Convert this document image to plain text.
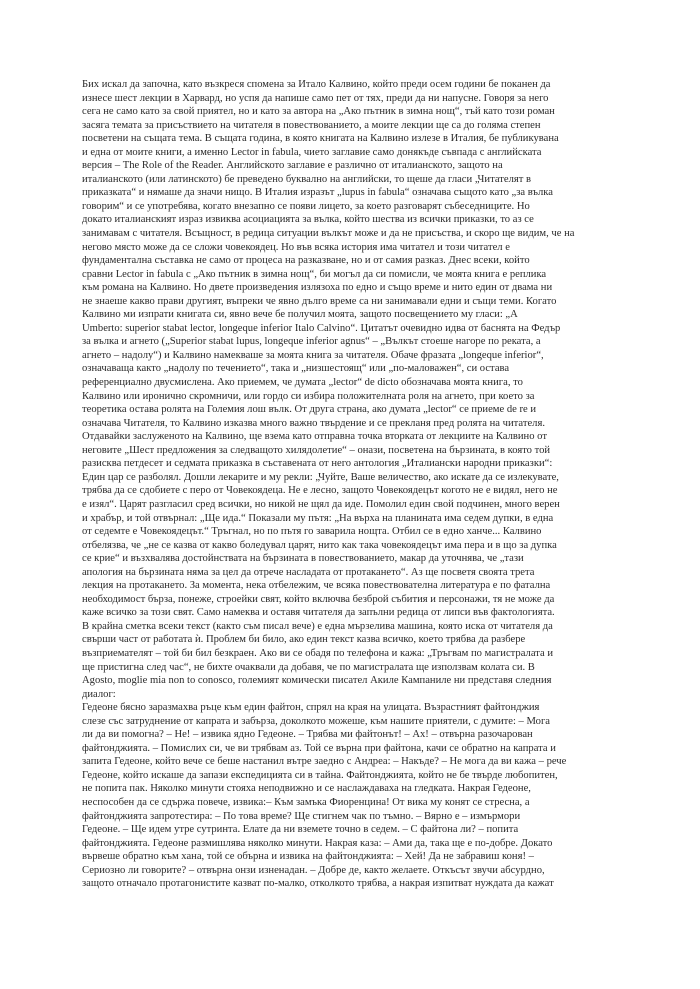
Бих искал да започна, като възкреся спомена за Итало Калвино, който преди осем години бе поканен да
изнесе шест лекции в Харвард, но успя да напише само пет от тях, преди да ни напусне. Говоря за него
сега не само като за свой приятел, но и като за автора на „Ако пътник в зимна нощ“, тъй като този роман
засяга темата за присъствието на читателя в повествованието, а моите лекции ще са до голяма степен
посветени на същата тема. В същата година, в която книгата на Калвино излезе в Италия, бе публикувана
и една от моите книги, а именно Lector in fabula, чието заглавие само донякъде съвпада с английската
версия – The Role of the Reader. Английското заглавие е различно от италианското, защото на
италианското (или латинското) бе преведено буквално на английски, то щеше да гласи „Читателят в
приказката“ и нямаше да значи нищо. В Италия изразът „lupus in fabula“ означава същото като „за вълка
говорим“ и се употребява, когато внезапно се появи лицето, за което разговарят събеседниците. Но
докато италианският израз извиква асоциацията за вълка, който шества из всички приказки, то аз се
занимавам с читателя. Всъщност, в редица ситуации вълкът може и да не присъства, и скоро ще видим, че на
негово място може да се сложи човекоядец. Но във всяка история има читател и този читател е
фундаментална съставка не само от процеса на разказване, но и от самия разказ. Днес всеки, който
сравни Lector in fabula с „Ако пътник в зимна нощ“, би могъл да си помисли, че моята книга е реплика
към романа на Калвино. Но двете произведения излязоха по едно и също време и нито един от двама ни
не знаеше какво прави другият, въпреки че явно дълго време са ни занимавали едни и същи теми. Когато
Калвино ми изпрати книгата си, явно вече бе получил моята, защото посвещението му гласи: „A
Umberto: superior stabat lector, longeque inferior Italo Calvino“. Цитатът очевидно идва от баснята на Федър
за вълка и агнето („Superior stabat lupus, longeque inferior agnus“ – „Вълкът стоеше нагоре по реката, а
агнето – надолу“) и Калвино намекваше за моята книга за читателя. Обаче фразата „longeque inferior“,
означаваща както „надолу по течението“, така и „низшестоящ“ или „по-маловажен“, си остава
референциално двусмислена. Ако приемем, че думата „lector“ de dicto обозначава моята книга, то
Калвино или иронично скромничи, или гордо си избира положителната роля на агнето, при което за
теоретика остава ролята на Големия лош вълк. От друга страна, ако думата „lector“ се приеме de re и
означава Читателя, то Калвино изказва много важно твърдение и се прекланя пред ролята на читателя.
Отдавайки заслуженото на Калвино, ще взема като отправна точка вторката от лекциите на Калвино от
неговите „Шест предложения за следващото хилядолетие“ – онази, посветена на бързината, в която той
разисква петдесет и седмата приказка в съставената от него антология „Италиански народни приказки“:
Един цар се разболял. Дошли лекарите и му рекли: „Чуйте, Ваше величество, ако искате да се излекувате,
трябва да се сдобиете с перо от Човекоядеца. Не е лесно, защото Човекоядецът когото не е видял, него не
е изял“. Царят разгласил сред всички, но никой не щял да иде. Помолил един свой подчинен, много верен
и храбър, и той отвърнал: „Ще ида.“ Показали му пътя: „На върха на планината има седем дупки, в една
от седемте е Човекоядецът.“ Тръгнал, но по пътя го заварила нощта. Отбил се в едно ханче... Калвино
отбелязва, че „не се казва от какво боледувал царят, нито как така човекоядецът има пера и в що за дупка
се крие“ и възхвалява достойнствата на бързината в повествованието, макар да уточнява, че „тази
апология на бързината няма за цел да отрече насладата от протакането“. Аз ще посветя своята трета
лекция на протакането. За момента, нека отбележим, че всяка повествователна литература е по фатална
необходимост бърза, понеже, строейки свят, който включва безброй събития и персонажи, тя не може да
каже всичко за този свят. Само намеква и оставя читателя да запълни редица от липси във фактологията.
В крайна сметка всеки текст (както съм писал вече) е една мързелива машина, която иска от читателя да
свърши част от работата ѝ. Проблем би било, ако един текст казва всичко, което трябва да разбере
възприемателят – той би бил безкраен. Ако ви се обадя по телефона и кажа: „Тръгвам по магистралата и
ще пристигна след час“, не бихте очаквали да добавя, че по магистралата ще използвам колата си. В
Agosto, moglie mia non to conosco, големият комически писател Акиле Кампаниле ни представя следния
диалог:
Гедеоне бясно заразмахва ръце към един файтон, спрял на края на улицата. Възрастният файтонджия
слезе със затруднение от капрата и забърза, доколкото можеше, към нашите приятели, с думите: – Мога
ли да ви помогна? – Не! – извика ядно Гедеоне. – Трябва ми файтонът! – Ах! – отвърна разочарован
файтонджията. – Помислих си, че ви трябвам аз. Той се върна при файтона, качи се обратно на капрата и
запита Гедеоне, който вече се беше настанил вътре заедно с Андреа: – Накъде? – Не мога да ви кажа – рече
Гедеоне, който искаше да запази експедицията си в тайна. Файтонджията, който не бе твърде любопитен,
не попита пак. Няколко минути стояха неподвижно и се наслаждаваха на гледката. Накрая Гедеоне,
неспособен да се сдържа повече, извика:– Към замъка Фиоренцина! От вика му конят се стресна, а
файтонджията запротестира: – По това време? Ще стигнем чак по тъмно. – Вярно е – измърмори
Гедеоне. – Ще идем утре сутринта. Елате да ни вземете точно в седем. – С файтона ли? – попита
файтонджията. Гедеоне размишлява няколко минути. Накрая каза: – Ами да, така ще е по-добре. Докато
вървеше обратно към хана, той се обърна и извика на файтонджията: – Хей! Да не забравиш коня! –
Сериозно ли говорите? – отвърна онзи изненадан. – Добре де, както желаете. Откъсът звучи абсурдно,
защото отначало протагонистите казват по-малко, отколкото трябва, а накрая изпитват нуждата да кажат
